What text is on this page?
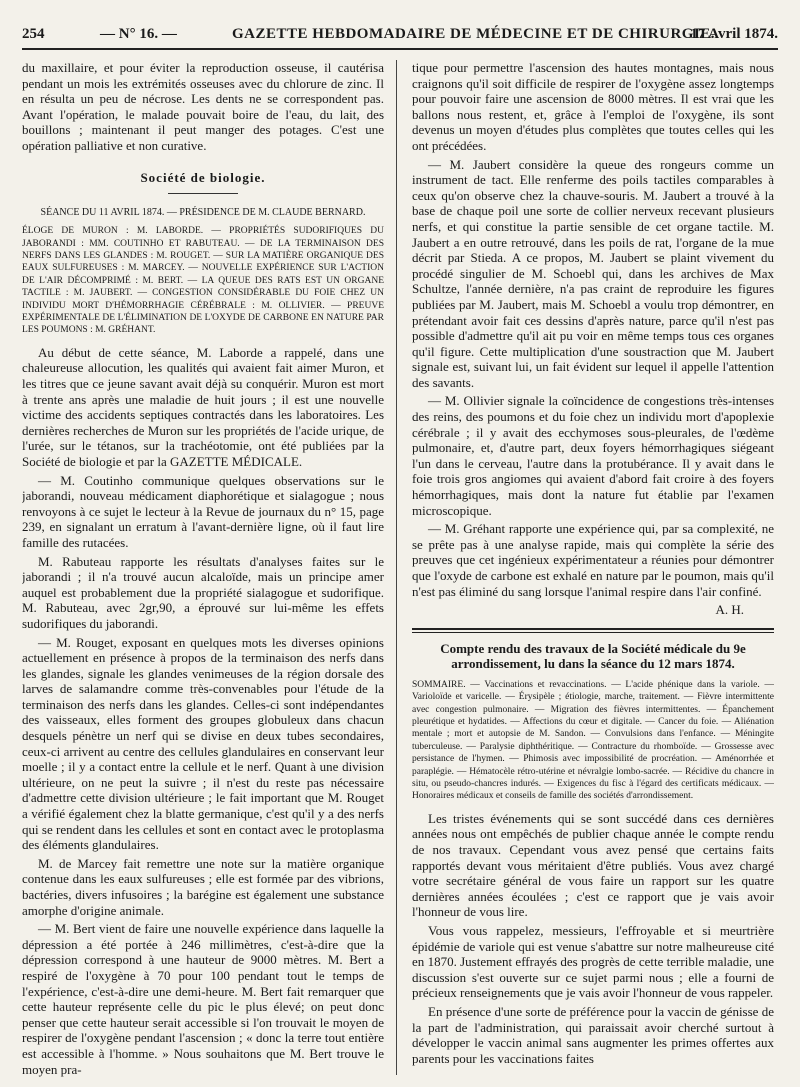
254	— N° 16. —	GAZETTE HEBDOMADAIRE DE MÉDECINE ET DE CHIRURGIE.
17 Avril 1874.

du maxillaire, et pour éviter la reproduction osseuse, il cautérisa pendant un mois les extrémités osseuses avec du chlorure de zinc. Il en résulta un peu de nécrose. Les dents ne se correspondent pas. Avant l'opération, le malade pouvait boire de l'eau, du lait, des bouillons ; maintenant il peut manger des potages. C'est une opération palliative et non curative.

Société de biologie.

SÉANCE DU 11 AVRIL 1874. — PRÉSIDENCE DE M. CLAUDE BERNARD.

ÉLOGE DE MURON : M. LABORDE. — PROPRIÉTÉS SUDORIFIQUES DU JABORANDI : MM. COUTINHO ET RABUTEAU. — DE LA TERMINAISON DES NERFS DANS LES GLANDES : M. ROUGET. — SUR LA MATIÈRE ORGANIQUE DES EAUX SULFUREUSES : M. MARCEY. — NOUVELLE EXPÉRIENCE SUR L'ACTION DE L'AIR DÉCOMPRIMÉ : M. BERT. — LA QUEUE DES RATS EST UN ORGANE TACTILE : M. JAUBERT. — CONGESTION CONSIDÉRABLE DU FOIE CHEZ UN INDIVIDU MORT D'HÉMORRHAGIE CÉRÉBRALE : M. OLLIVIER. — PREUVE EXPÉRIMENTALE DE L'ÉLIMINATION DE L'OXYDE DE CARBONE EN NATURE PAR LES POUMONS : M. GRÉHANT.

Au début de cette séance, M. Laborde a rappelé, dans une chaleureuse allocution, les qualités qui avaient fait aimer Muron, et les titres que ce jeune savant avait déjà su conquérir. Muron est mort à trente ans après une maladie de huit jours ; il est une nouvelle victime des accidents septiques contractés dans les laboratoires. Les dernières recherches de Muron sur les propriétés de l'acide urique, de l'urée, sur le tétanos, sur la trachéotomie, ont été publiées par la Société de biologie et par la GAZETTE MÉDICALE.

— M. Coutinho communique quelques observations sur le jaborandi, nouveau médicament diaphorétique et sialagogue ; nous renvoyons à ce sujet le lecteur à la Revue de journaux du n° 15, page 239, en signalant un erratum à l'avant-dernière ligne, où il faut lire famille des rutacées.

M. Rabuteau rapporte les résultats d'analyses faites sur le jaborandi ; il n'a trouvé aucun alcaloïde, mais un principe amer auquel est probablement due la propriété sialagogue et sudorifique. M. Rabuteau, avec 2gr,90, a éprouvé sur lui-même les effets sudorifiques du jaborandi.

— M. Rouget, exposant en quelques mots les diverses opinions actuellement en présence à propos de la terminaison des nerfs dans les glandes, signale les glandes venimeuses de la région dorsale des larves de salamandre comme très-convenables pour l'étude de la terminaison des nerfs dans les glandes. Celles-ci sont indépendantes des vaisseaux, elles forment des groupes globuleux dans chacun desquels pénètre un nerf qui se divise en deux tubes secondaires, ceux-ci arrivent au centre des cellules glandulaires en conservant leur moelle ; il y a contact entre la cellule et le nerf. Quant à une division ultérieure, on ne peut la suivre ; il n'est du reste pas nécessaire d'admettre cette division ultérieure ; le fait important que M. Rouget a vérifié également chez la blatte germanique, c'est qu'il y a des nerfs qui se rendent dans les cellules et sont en contact avec le protoplasma des éléments glandulaires.

M. de Marcey fait remettre une note sur la matière organique contenue dans les eaux sulfureuses ; elle est formée par des vibrions, bactéries, divers infusoires ; la barégine est également une substance amorphe d'origine animale.

— M. Bert vient de faire une nouvelle expérience dans laquelle la dépression a été portée à 246 millimètres, c'est-à-dire que la dépression correspond à une hauteur de 9000 mètres. M. Bert a respiré de l'oxygène à 70 pour 100 pendant tout le temps de l'expérience, c'est-à-dire une demi-heure. M. Bert fait remarquer que cette hauteur représente celle du pic le plus élevé; on peut donc penser que cette hauteur serait accessible si l'on trouvait le moyen de respirer de l'oxygène pendant l'ascension ; « donc la terre tout entière est accessible à l'homme. » Nous souhaitons que M. Bert trouve le moyen pra-

tique pour permettre l'ascension des hautes montagnes, mais nous craignons qu'il soit difficile de respirer de l'oxygène assez longtemps pour pouvoir faire une ascension de 8000 mètres. Il est vrai que les ballons nous restent, et, grâce à l'emploi de l'oxygène, ils sont devenus un moyen d'études plus complètes que toutes celles qui les ont précédées.

— M. Jaubert considère la queue des rongeurs comme un instrument de tact. Elle renferme des poils tactiles comparables à ceux qu'on observe chez la chauve-souris. M. Jaubert a trouvé à la base de chaque poil une sorte de collier nerveux recevant plusieurs nerfs, et qui constitue la partie sensible de cet organe tactile. M. Jaubert a en outre retrouvé, dans les poils de rat, l'organe de la mue décrit par Stieda. A ce propos, M. Jaubert se plaint vivement du procédé singulier de M. Schoebl qui, dans les archives de Max Schultze, l'année dernière, n'a pas craint de reproduire les figures publiées par M. Jaubert, mais M. Schoebl a voulu trop démontrer, en prétendant avoir fait ces dessins d'après nature, parce qu'il n'est pas possible d'admettre qu'il ait pu voir en même temps tous ces organes qu'il figure. Cette multiplication d'une soustraction que M. Jaubert signale est, suivant lui, un fait évident sur lequel il appelle l'attention des savants.

— M. Ollivier signale la coïncidence de congestions très-intenses des reins, des poumons et du foie chez un individu mort d'apoplexie cérébrale ; il y avait des ecchymoses sous-pleurales, de l'œdème pulmonaire, et, d'autre part, deux foyers hémorrhagiques siégeant l'un dans le cerveau, l'autre dans la protubérance. Il y avait dans le foie trois gros angiomes qui avaient d'abord fait croire à des foyers hémorrhagiques, mais dont la nature fut établie par l'examen microscopique.

— M. Gréhant rapporte une expérience qui, par sa complexité, ne se prête pas à une analyse rapide, mais qui complète la série des preuves que cet ingénieux expérimentateur a réunies pour démontrer que l'oxyde de carbone est exhalé en nature par le poumon, mais qu'il n'est pas éliminé du sang lorsque l'animal respire dans l'air confiné.

A. H.

Compte rendu des travaux de la Société médicale du 9e arrondissement, lu dans la séance du 12 mars 1874.

SOMMAIRE. — Vaccinations et revaccinations. — L'acide phénique dans la variole. — Varioloïde et varicelle. — Érysipèle ; étiologie, marche, traitement. — Fièvre intermittente avec congestion pulmonaire. — Migration des fièvres intermittentes. — Épanchement pleurétique et hydatides. — Affections du cœur et digitale. — Cancer du foie. — Aliénation mentale ; mort et autopsie de M. Sandon. — Convulsions dans l'enfance. — Méningite tuberculeuse. — Paralysie diphthéritique. — Contracture du rhomboïde. — Grossesse avec persistance de l'hymen. — Phimosis avec impossibilité de procréation. — Aménorrhée et paraplégie. — Hématocèle rétro-utérine et névralgie lombo-sacrée. — Récidive du chancre in situ, ou pseudo-chancres indurés. — Exigences du fisc à l'égard des certificats médicaux. — Honoraires médicaux et conseils de famille des sociétés d'arrondissement.

Les tristes événements qui se sont succédé dans ces dernières années nous ont empêchés de publier chaque année le compte rendu de nos travaux. Cependant vous avez pensé que certains faits rapportés devant vous méritaient d'être publiés. Vous avez chargé votre secrétaire général de vous faire un rapport sur les quatre dernières années écoulées ; c'est ce rapport que je vais avoir l'honneur de vous lire.

Vous vous rappelez, messieurs, l'effroyable et si meurtrière épidémie de variole qui est venue s'abattre sur notre malheureuse cité en 1870. Justement effrayés des progrès de cette terrible maladie, une discussion s'est ouverte sur ce sujet parmi nous ; elle a fourni de précieux renseignements que je vais avoir l'honneur de vous rappeler.

En présence d'une sorte de préférence pour la vaccin de génisse de la part de l'administration, qui paraissait avoir cherché surtout à développer le vaccin animal sans augmenter les primes offertes aux parents pour les vaccinations faites
